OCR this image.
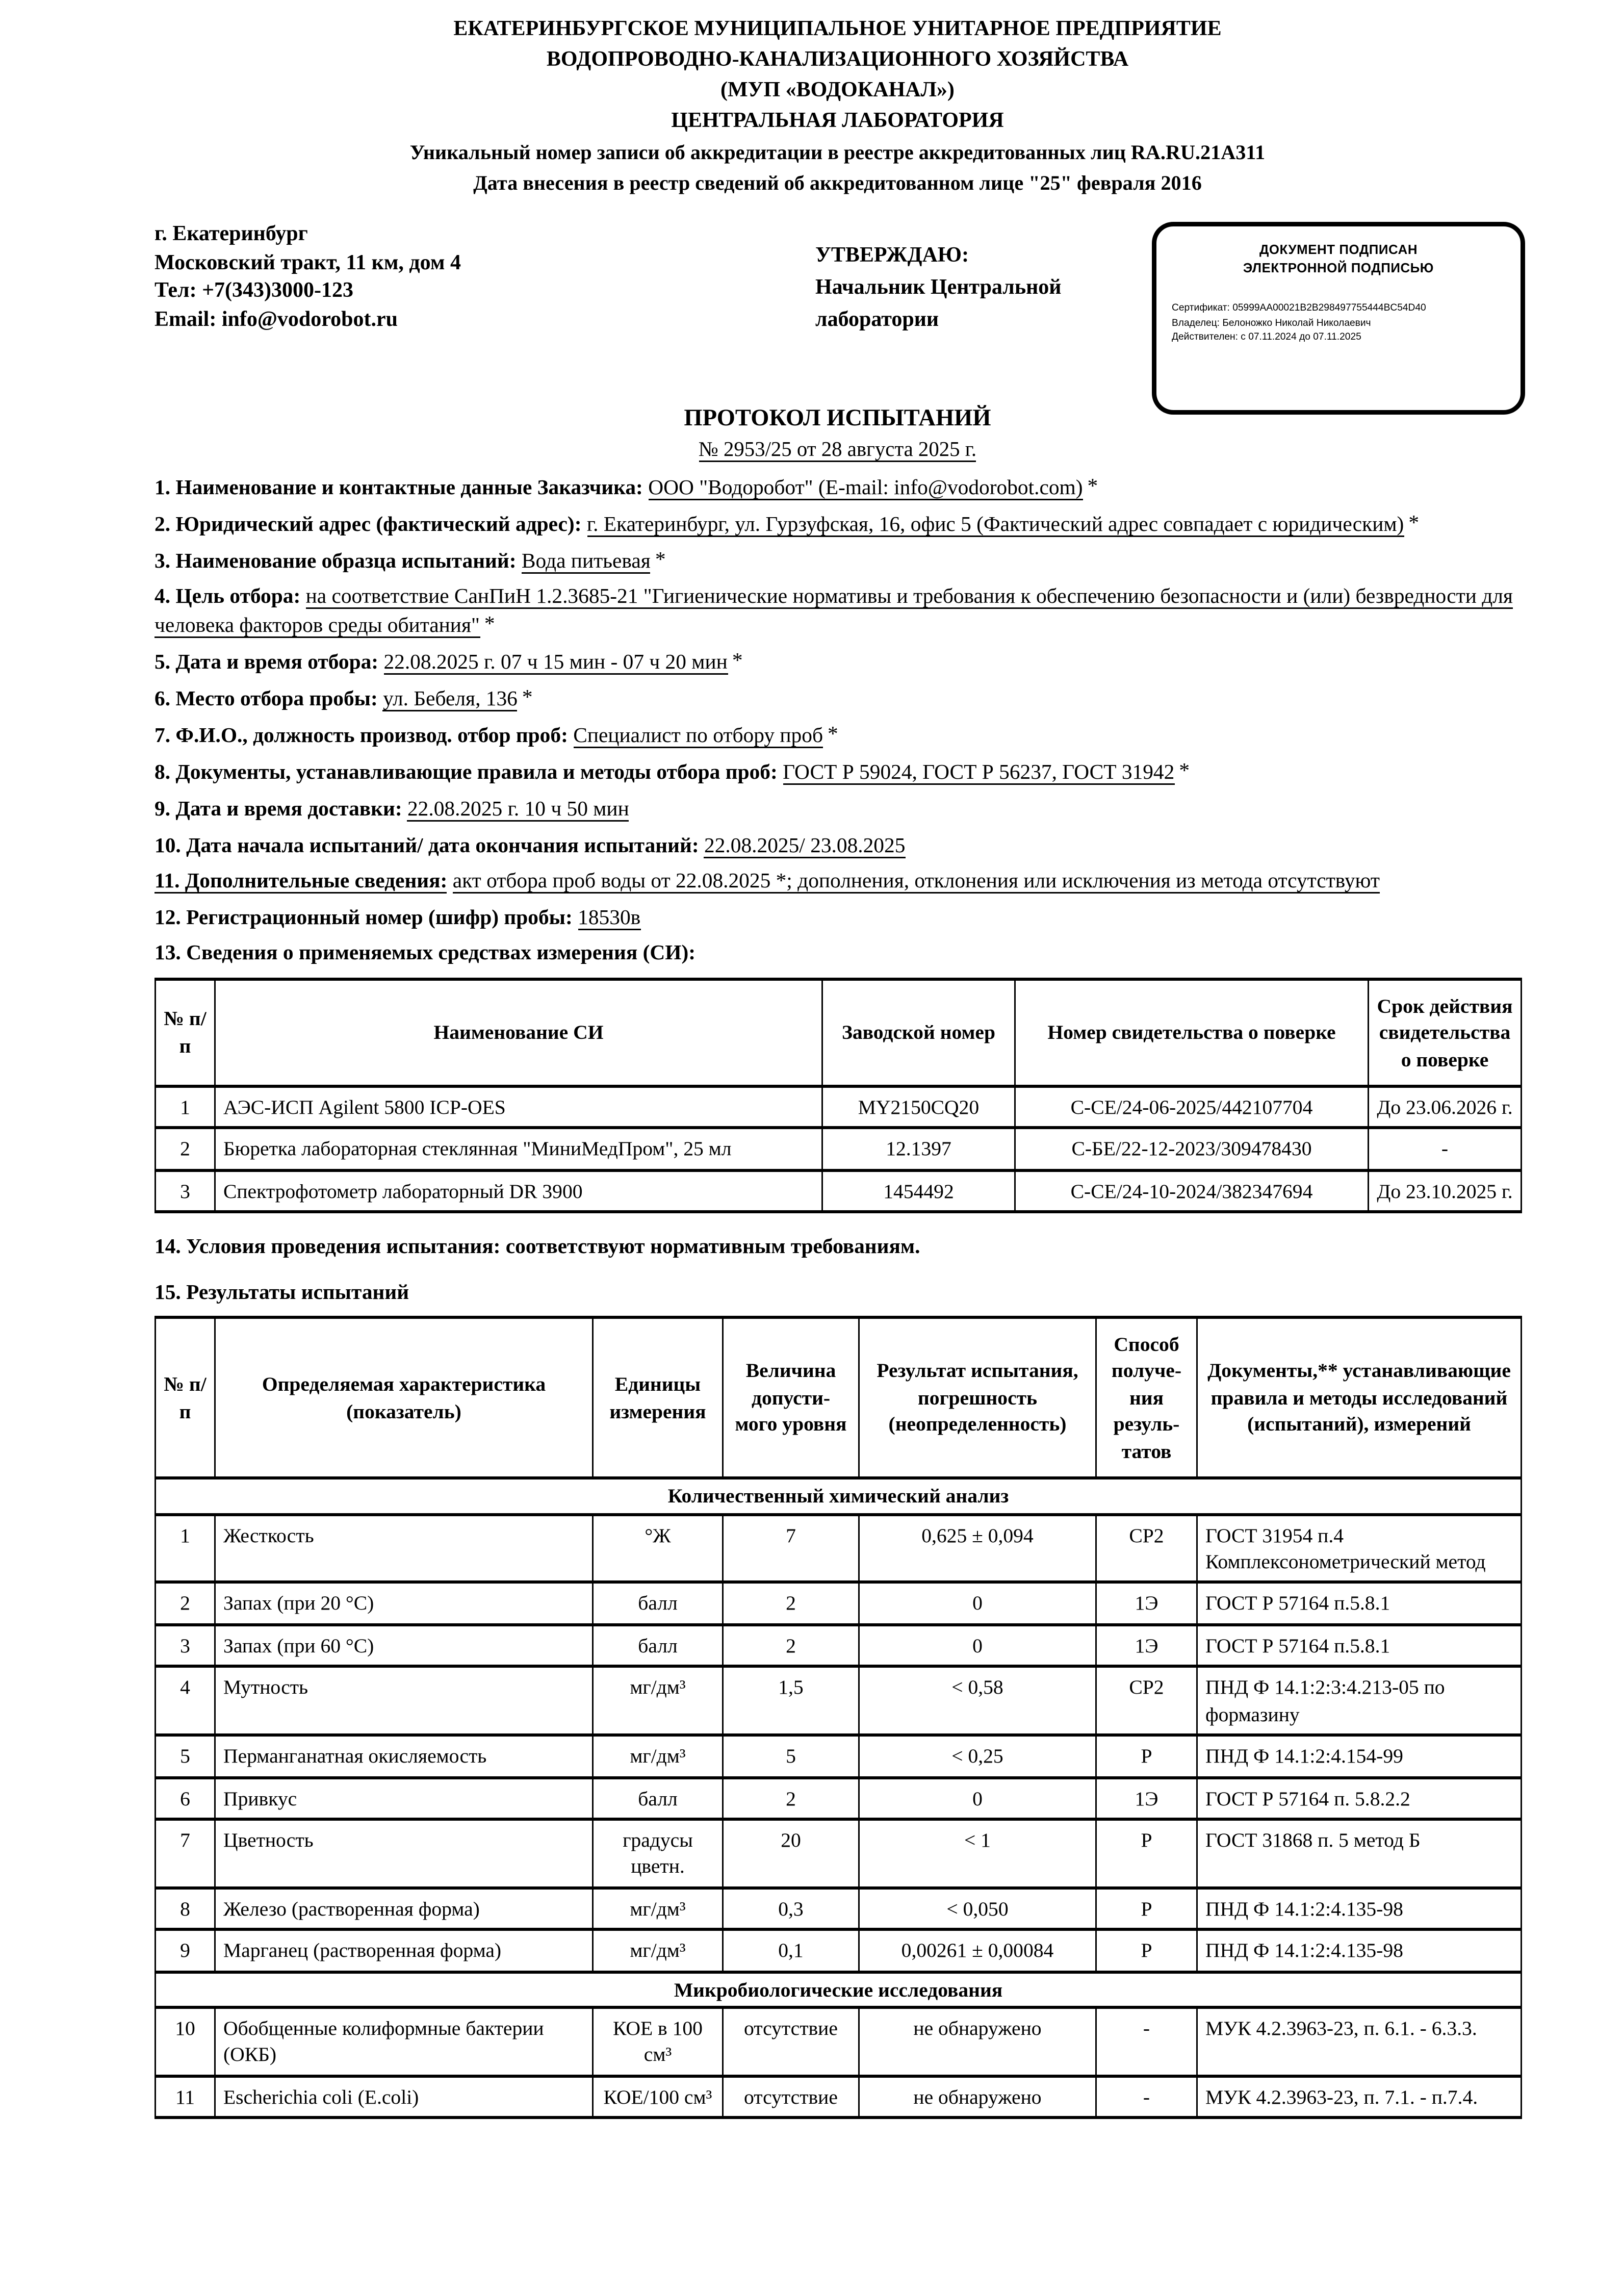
ЕКАТЕРИНБУРГСКОЕ МУНИЦИПАЛЬНОЕ УНИТАРНОЕ ПРЕДПРИЯТИЕ
ВОДОПРОВОДНО-КАНАЛИЗАЦИОННОГО ХОЗЯЙСТВА
(МУП «ВОДОКАНАЛ»)
ЦЕНТРАЛЬНАЯ ЛАБОРАТОРИЯ
Уникальный номер записи об аккредитации в реестре аккредитованных лиц RA.RU.21А311
Дата внесения в реестр сведений об аккредитованном лице "25" февраля 2016
г. Екатеринбург
Московский тракт, 11 км, дом 4
Тел: +7(343)3000-123
Email: info@vodorobot.ru
УТВЕРЖДАЮ:
Начальник Центральной
лаборатории
ДОКУМЕНТ ПОДПИСАН
ЭЛЕКТРОННОЙ ПОДПИСЬЮ
Сертификат: 05999AA00021B2B298497755444BC54D40
Владелец: Белоножко Николай Николаевич
Действителен: с 07.11.2024 до 07.11.2025
ПРОТОКОЛ ИСПЫТАНИЙ
№ 2953/25 от 28 августа 2025 г.

1. Наименование и контактные данные Заказчика: ООО "Водоробот" (E-mail: info@vodorobot.com) *

2. Юридический адрес (фактический адрес): г. Екатеринбург, ул. Гурзуфская, 16, офис 5 (Фактический адрес совпадает с юридическим) *

3. Наименование образца испытаний: Вода питьевая *

4. Цель отбора: на соответствие СанПиН 1.2.3685-21 "Гигиенические нормативы и требования к обеспечению безопасности и (или) безвредности для человека факторов среды обитания" *

5. Дата и время отбора: 22.08.2025 г. 07 ч 15 мин - 07 ч 20 мин *

6. Место отбора пробы: ул. Бебеля, 136 *

7. Ф.И.О., должность производ. отбор проб: Специалист по отбору проб *

8. Документы, устанавливающие правила и методы отбора проб: ГОСТ Р 59024, ГОСТ Р 56237, ГОСТ 31942 *

9. Дата и время доставки: 22.08.2025 г. 10 ч 50 мин

10. Дата начала испытаний/ дата окончания испытаний: 22.08.2025/ 23.08.2025

11. Дополнительные сведения: акт отбора проб воды от 22.08.2025 *; дополнения, отклонения или исключения из метода отсутствуют

12. Регистрационный номер (шифр) пробы: 18530в

13. Сведения о применяемых средствах измерения (СИ):

№ п/п	Наименование СИ	Заводской номер	Номер свидетельства о поверке	Срок действия свидетельства о поверке
1	АЭС-ИСП Agilent 5800 ICP-OES	MY2150CQ20	С-СЕ/24-06-2025/442107704	До 23.06.2026 г.
2	Бюретка лабораторная стеклянная "МиниМедПром", 25 мл	12.1397	С-БЕ/22-12-2023/309478430	-
3	Спектрофотометр лабораторный DR 3900	1454492	С-СЕ/24-10-2024/382347694	До 23.10.2025 г.

14. Условия проведения испытания: соответствуют нормативным требованиям.

15. Результаты испытаний

№ п/п	Определяемая характеристика (показатель)	Единицы измерения	Величина допусти- мого уровня	Результат испытания, погрешность (неопределенность)	Способ получе- ния резуль- татов	Документы,** устанавливающие правила и методы исследований (испытаний), измерений
Количественный химический анализ						
1	Жесткость	°Ж	7	0,625 ± 0,094	СР2	ГОСТ 31954 п.4 Комплексонометрический метод
2	Запах (при 20 °С)	балл	2	0	1Э	ГОСТ Р 57164 п.5.8.1
3	Запах (при 60 °С)	балл	2	0	1Э	ГОСТ Р 57164 п.5.8.1
4	Мутность	мг/дм³	1,5	< 0,58	СР2	ПНД Ф 14.1:2:3:4.213-05 по формазину
5	Перманганатная окисляемость	мг/дм³	5	< 0,25	Р	ПНД Ф 14.1:2:4.154-99
6	Привкус	балл	2	0	1Э	ГОСТ Р 57164 п. 5.8.2.2
7	Цветность	градусы цветн.	20	< 1	Р	ГОСТ 31868 п. 5 метод Б
8	Железо (растворенная форма)	мг/дм³	0,3	< 0,050	Р	ПНД Ф 14.1:2:4.135-98
9	Марганец (растворенная форма)	мг/дм³	0,1	0,00261 ± 0,00084	Р	ПНД Ф 14.1:2:4.135-98
Микробиологические исследования						
10	Обобщенные колиформные бактерии (ОКБ)	КОЕ в 100 см³	отсутствие	не обнаружено	-	МУК 4.2.3963-23, п. 6.1. - 6.3.3.
11	Escherichia coli (E.coli)	КОЕ/100 см³	отсутствие	не обнаружено	-	МУК 4.2.3963-23, п. 7.1. - п.7.4.
